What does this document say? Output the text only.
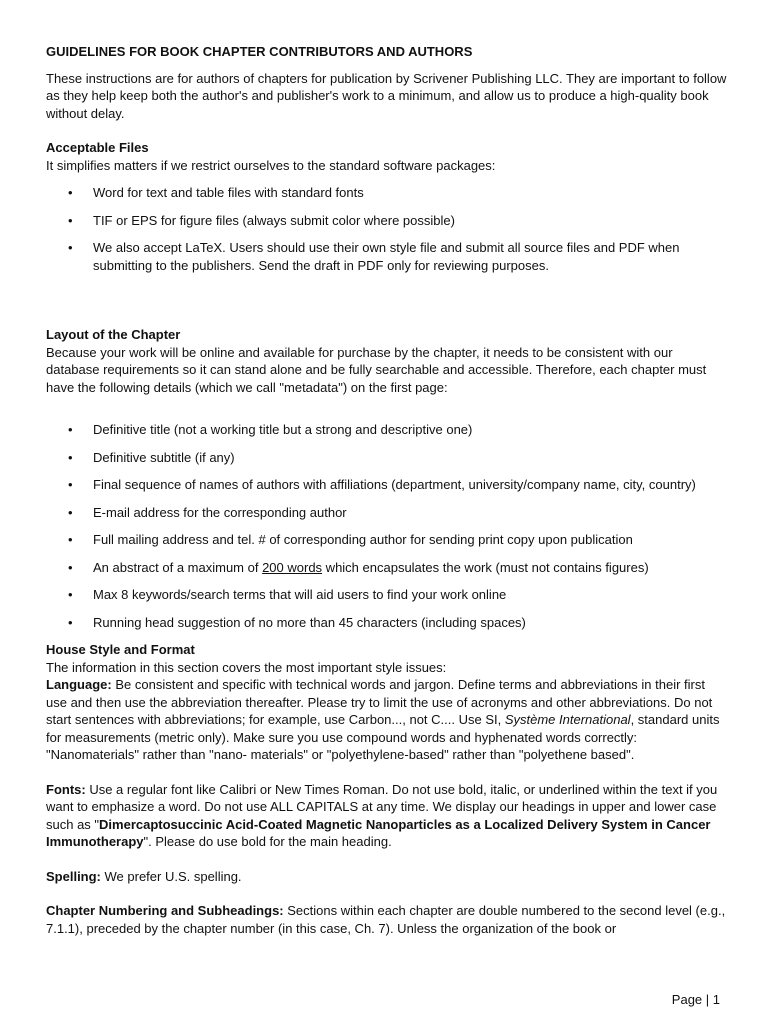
GUIDELINES FOR BOOK CHAPTER CONTRIBUTORS AND AUTHORS

These instructions are for authors of chapters for publication by Scrivener Publishing LLC. They are important to follow as they help keep both the author's and publisher's work to a minimum, and allow us to produce a high-quality book without delay.

Acceptable Files

It simplifies matters if we restrict ourselves to the standard software packages:

• Word for text and table files with standard fonts
• TIF or EPS for figure files (always submit color where possible)
• We also accept LaTeX. Users should use their own style file and submit all source files and PDF when submitting to the publishers. Send the draft in PDF only for reviewing purposes.

Layout of the Chapter

Because your work will be online and available for purchase by the chapter, it needs to be consistent with our database requirements so it can stand alone and be fully searchable and accessible. Therefore, each chapter must have the following details (which we call "metadata") on the first page:

• Definitive title (not a working title but a strong and descriptive one)
• Definitive subtitle (if any)
• Final sequence of names of authors with affiliations (department, university/company name, city, country)
• E-mail address for the corresponding author
• Full mailing address and tel. # of corresponding author for sending print copy upon publication
• An abstract of a maximum of 200 words which encapsulates the work (must not contains figures)
• Max 8 keywords/search terms that will aid users to find your work online
• Running head suggestion of no more than 45 characters (including spaces)

House Style and Format

The information in this section covers the most important style issues:

Language: Be consistent and specific with technical words and jargon. Define terms and abbreviations in their first use and then use the abbreviation thereafter. Please try to limit the use of acronyms and other abbreviations. Do not start sentences with abbreviations; for example, use Carbon..., not C.... Use SI, Système International, standard units for measurements (metric only). Make sure you use compound words and hyphenated words correctly: "Nanomaterials" rather than "nano- materials" or "polyethylene-based" rather than "polyethene based".

Fonts: Use a regular font like Calibri or New Times Roman. Do not use bold, italic, or underlined within the text if you want to emphasize a word. Do not use ALL CAPITALS at any time. We display our headings in upper and lower case such as "Dimercaptosuccinic Acid-Coated Magnetic Nanoparticles as a Localized Delivery System in Cancer Immunotherapy". Please do use bold for the main heading.

Spelling: We prefer U.S. spelling.

Chapter Numbering and Subheadings: Sections within each chapter are double numbered to the second level (e.g., 7.1.1), preceded by the chapter number (in this case, Ch. 7). Unless the organization of the book or

Page | 1
